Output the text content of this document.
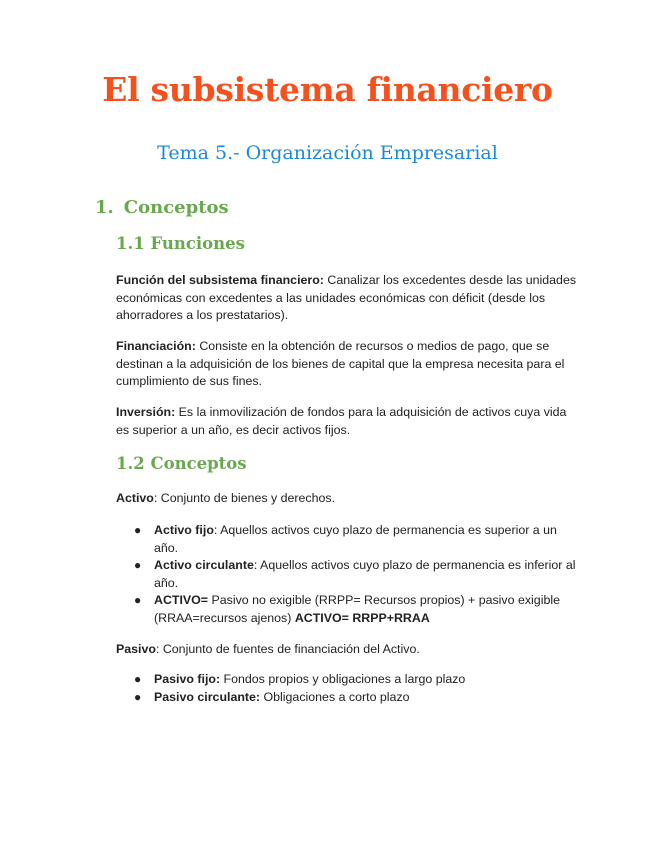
El subsistema financiero
Tema 5.- Organización Empresarial
1. Conceptos
1.1 Funciones

Función del subsistema financiero: Canalizar los excedentes desde las unidades económicas con excedentes a las unidades económicas con déficit (desde los ahorradores a los prestatarios).

Financiación: Consiste en la obtención de recursos o medios de pago, que se destinan a la adquisición de los bienes de capital que la empresa necesita para el cumplimiento de sus fines.

Inversión: Es la inmovilización de fondos para la adquisición de activos cuya vida es superior a un año, es decir activos fijos.

1.2 Conceptos

Activo: Conjunto de bienes y derechos.

● Activo fijo: Aquellos activos cuyo plazo de permanencia es superior a un año.
● Activo circulante: Aquellos activos cuyo plazo de permanencia es inferior al año.
● ACTIVO= Pasivo no exigible (RRPP= Recursos propios) + pasivo exigible (RRAA=recursos ajenos) ACTIVO= RRPP+RRAA

Pasivo: Conjunto de fuentes de financiación del Activo.

● Pasivo fijo: Fondos propios y obligaciones a largo plazo
● Pasivo circulante: Obligaciones a corto plazo
